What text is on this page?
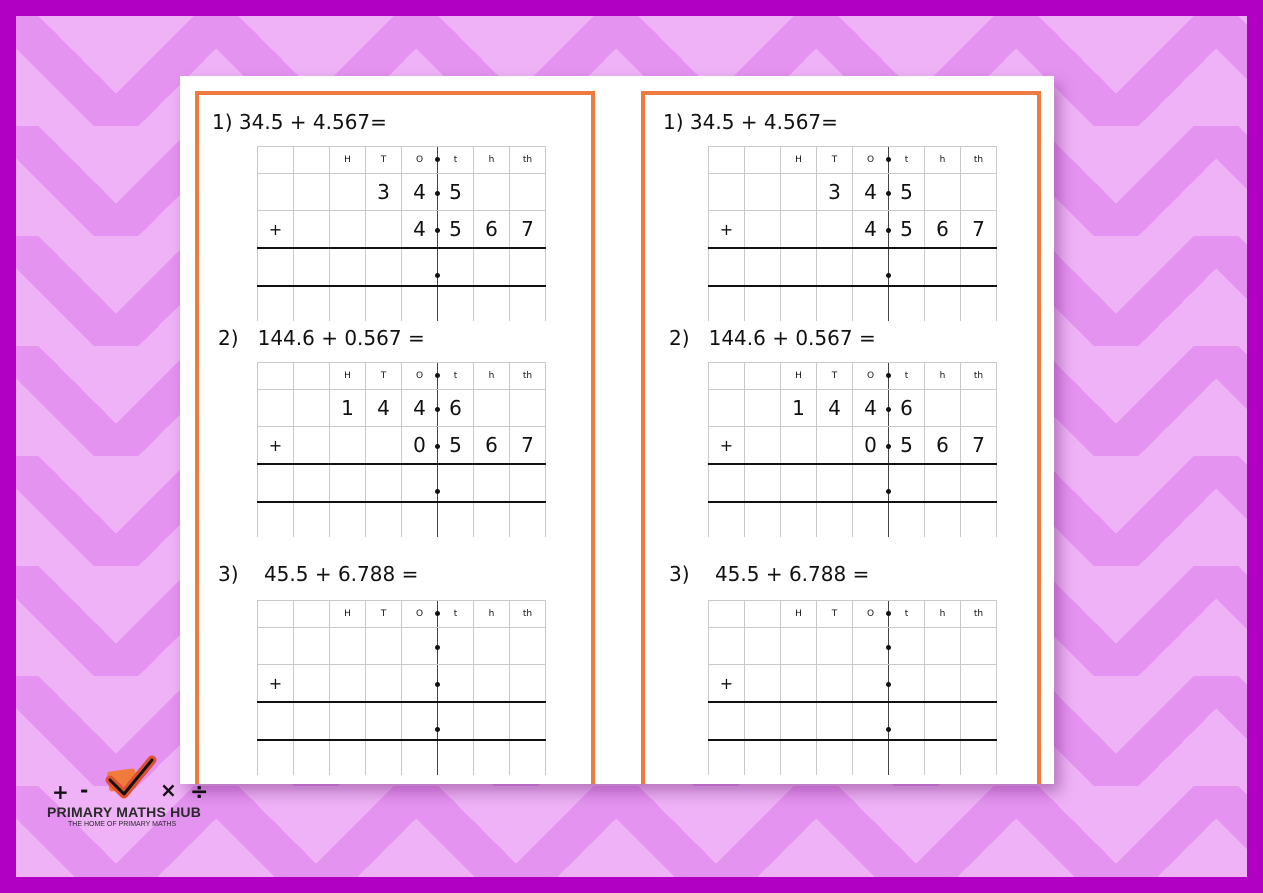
1) 34.5 + 4.567=
		H	T	O	t	h	th
			3	4	5

+				4	5	6	7

2)   144.6 + 0.567 =
		H	T	O	t	h	th
		1	4	4	6

+				0	5	6	7

3)    45.5 + 6.788 =
		H	T	O	t	h	th

+					

1) 34.5 + 4.567=
		H	T	O	t	h	th
			3	4	5

+				4	5	6	7

2)   144.6 + 0.567 =
		H	T	O	t	h	th
		1	4	4	6

+				0	5	6	7

3)    45.5 + 6.788 =
		H	T	O	t	h	th

+					

+ -	× ÷
PRIMARY MATHS HUB
THE HOME OF PRIMARY MATHS
